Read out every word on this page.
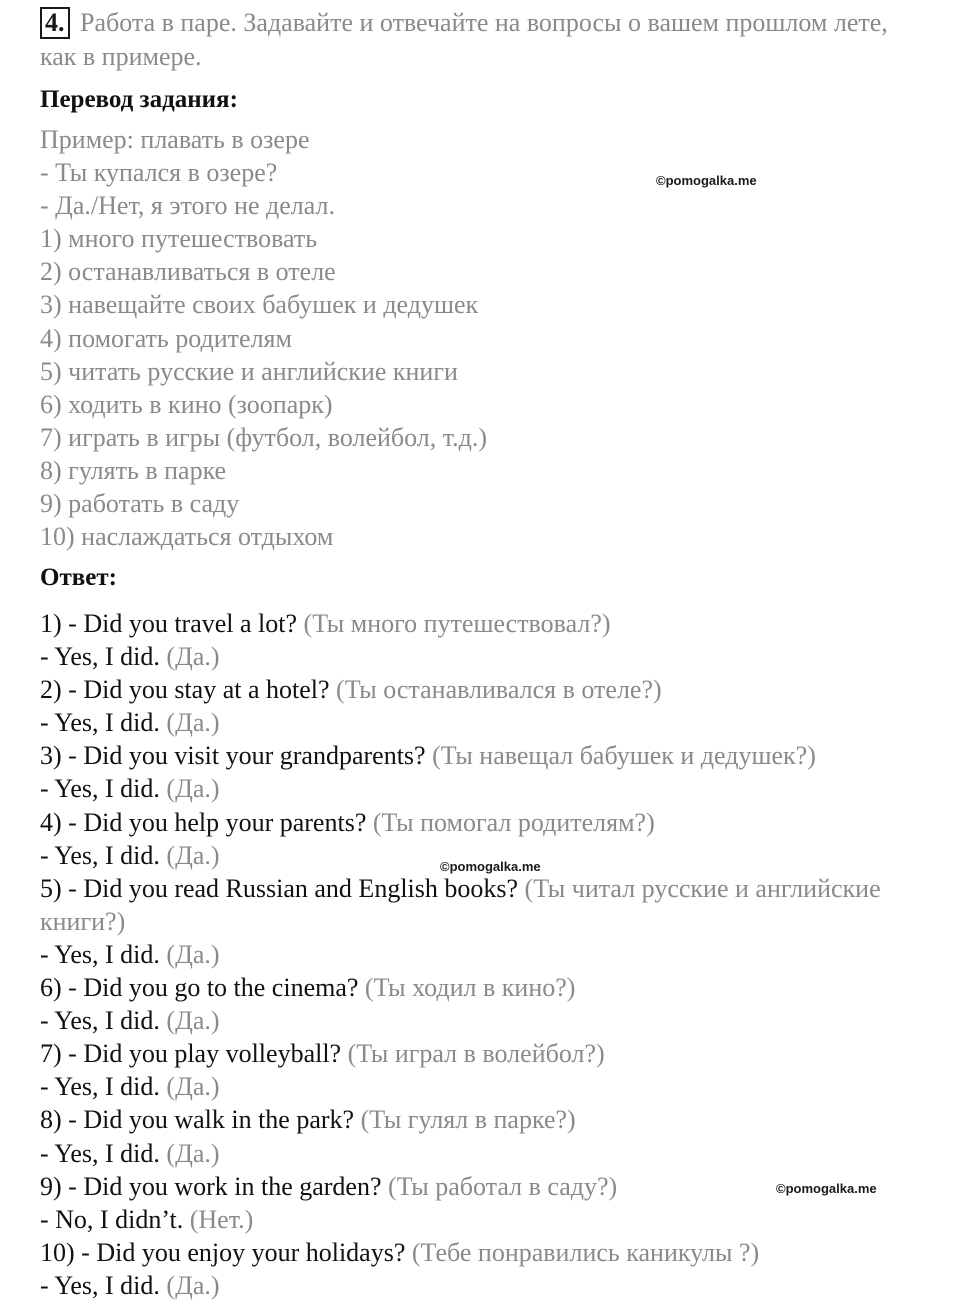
4. Работа в паре. Задавайте и отвечайте на вопросы о вашем прошлом лете, как в примере.
Перевод задания:
Пример: плавать в озере
- Ты купался в озере?
- Да./Нет, я этого не делал.
1) много путешествовать
2) останавливаться в отеле
3) навещайте своих бабушек и дедушек
4) помогать родителям
5) читать русские и английские книги
6) ходить в кино (зоопарк)
7) играть в игры (футбол, волейбол, т.д.)
8) гулять в парке
9) работать в саду
10) наслаждаться отдыхом
Ответ:
1) - Did you travel a lot? (Ты много путешествовал?)
- Yes, I did. (Да.)
2) - Did you stay at a hotel? (Ты останавливался в отеле?)
- Yes, I did. (Да.)
3) - Did you visit your grandparents? (Ты навещал бабушек и дедушек?)
- Yes, I did. (Да.)
4) - Did you help your parents? (Ты помогал родителям?)
- Yes, I did. (Да.)
5) - Did you read Russian and English books? (Ты читал русские и английские книги?)
- Yes, I did. (Да.)
6) - Did you go to the cinema? (Ты ходил в кино?)
- Yes, I did. (Да.)
7) - Did you play volleyball? (Ты играл в волейбол?)
- Yes, I did. (Да.)
8) - Did you walk in the park? (Ты гулял в парке?)
- Yes, I did. (Да.)
9) - Did you work in the garden? (Ты работал в саду?)
- No, I didn’t. (Нет.)
10) - Did you enjoy your holidays? (Тебе понравились каникулы ?)
- Yes, I did. (Да.)
©pomogalka.me
©pomogalka.me
©pomogalka.me
